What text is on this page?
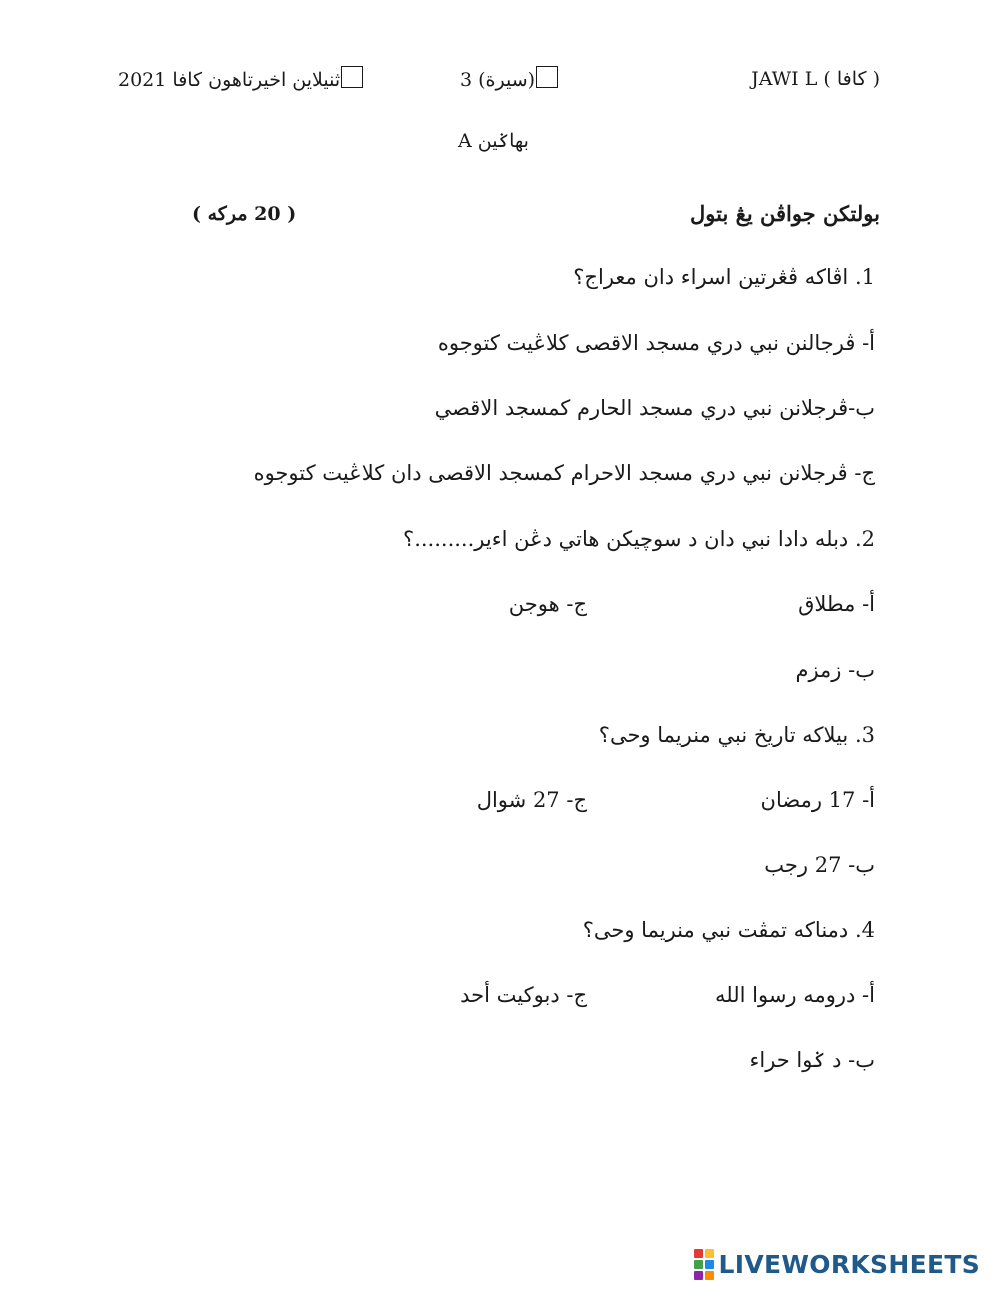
ثنيلاين اخيرتاهون كافا 2021	(سيرة) 3	( كافا ) JAWI L
بهاݢين A
بولتكن جواڤن يڠ بتول
( 20 مركه )
1. اڤاكه ڤڠرتين اسراء دان معراج؟
أ- ڤرجالنن نبي دري مسجد الاقصى كلاڠيت كتوجوه
ب-ڤرجلانن نبي دري مسجد الحارم كمسجد الاقصي
ج- ڤرجلانن نبي دري مسجد الاحرام كمسجد الاقصى دان كلاڠيت كتوجوه
2. دبله دادا نبي دان د سوچيكن هاتي دڠن اءير.........؟
أ- مطلاق
ج- هوجن
ب- زمزم
3. بيلاكه تاريخ نبي منريما وحى؟
أ- 17 رمضان
ج- 27 شوال
ب- 27 رجب
4. دمناكه تمڤت نبي منريما وحى؟
أ- درومه رسوا الله
ج- دبوكيت أحد
ب- د ݢوا حراء
LIVEWORKSHEETS
